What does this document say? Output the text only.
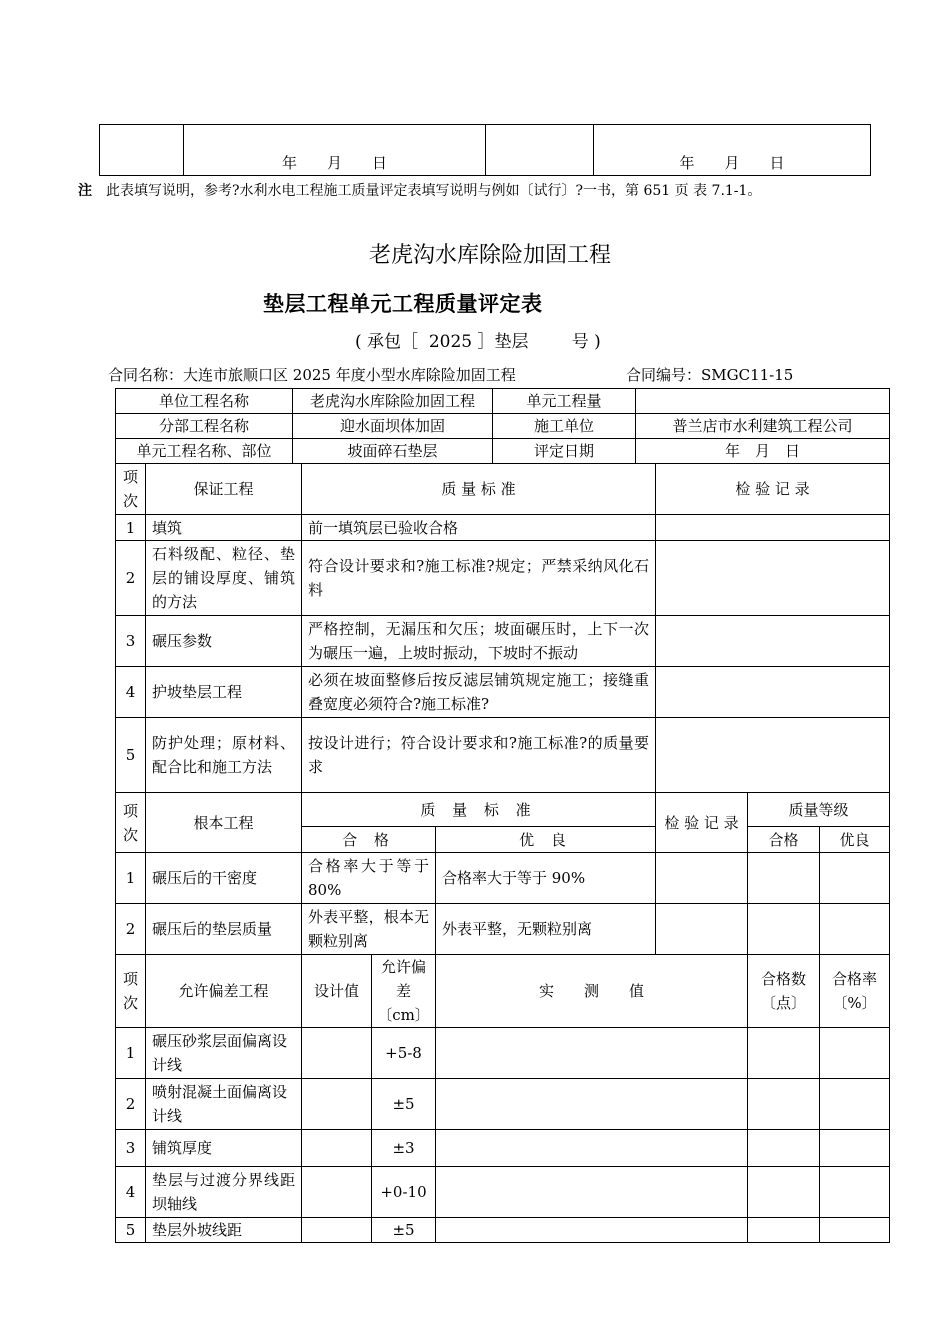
	年　　月　　日		年　　月　　日
注 此表填写说明，参考?水利水电工程施工质量评定表填写说明与例如〔试行〕?一书，第 651 页 表 7.1-1。
老虎沟水库除险加固工程
垫层工程单元工程质量评定表
( 承包［  2025 ］垫层        号 )
合同名称：大连市旅顺口区 2025 年度小型水库除险加固工程	合同编号：SMGC11-15
单位工程名称	老虎沟水库除险加固工程	单元工程量	
分部工程名称	迎水面坝体加固	施工单位	普兰店市水利建筑工程公司
单元工程名称、部位	坡面碎石垫层	评定日期	年　月　日
项次	保证工程	质 量 标 准			检 验 记 录		
1	填筑	前一填筑层已验收合格					
2	石料级配、粒径、垫层的铺设厚度、铺筑的方法	符合设计要求和?施工标准?规定；严禁采纳风化石料					
3	碾压参数	严格控制，无漏压和欠压；坡面碾压时，上下一次为碾压一遍，上坡时振动，下坡时不振动					
4	护坡垫层工程	必须在坡面整修后按反滤层铺筑规定施工；接缝重叠宽度必须符合?施工标准?					
5	防护处理；原材料、配合比和施工方法	按设计进行；符合设计要求和?施工标准?的质量要求					
项次	根本工程	质 量 标 准			检 验 记 录	质量等级	
		合 格		优 良		合格	优良
1	碾压后的干密度	合格率大于等于80%		合格率大于等于 90%			
2	碾压后的垫层质量	外表平整，根本无颗粒别离		外表平整，无颗粒别离			
项次	允许偏差工程	设计值	允许偏差〔cm〕	实　　测　　值		合格数〔点〕	合格率〔%〕
1	碾压砂浆层面偏离设计线		+5-8				
2	喷射混凝土面偏离设计线		±5				
3	铺筑厚度		±3				
4	垫层与过渡分界线距坝轴线		+0-10				
5	垫层外坡线距		±5				
